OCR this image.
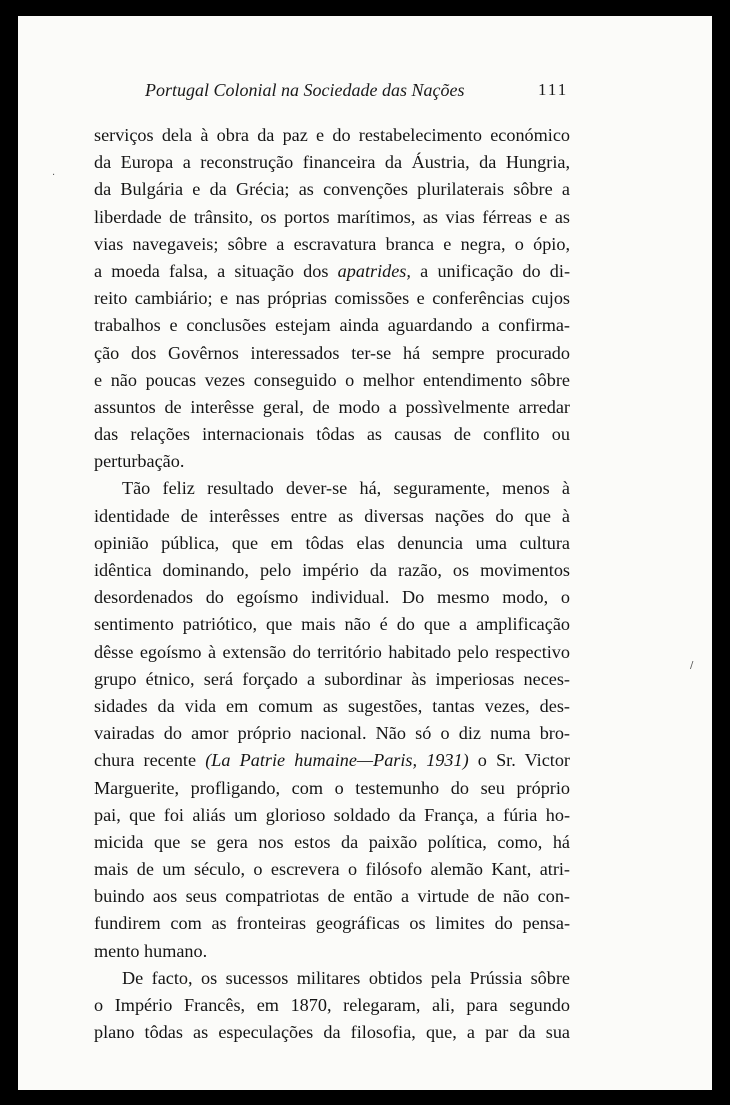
Portugal Colonial na Sociedade das Nações	111
serviços dela à obra da paz e do restabelecimento económico
da Europa a reconstrução financeira da Áustria, da Hungria,
da Bulgária e da Grécia; as convenções plurilaterais sôbre a
liberdade de trânsito, os portos marítimos, as vias férreas e as
vias navegaveis; sôbre a escravatura branca e negra, o ópio,
a moeda falsa, a situação dos apatrides, a unificação do di-
reito cambiário; e nas próprias comissões e conferências cujos
trabalhos e conclusões estejam ainda aguardando a confirma-
ção dos Govêrnos interessados ter-se há sempre procurado
e não poucas vezes conseguido o melhor entendimento sôbre
assuntos de interêsse geral, de modo a possìvelmente arredar
das relações internacionais tôdas as causas de conflito ou
perturbação.
Tão feliz resultado dever-se há, seguramente, menos à
identidade de interêsses entre as diversas nações do que à
opinião pública, que em tôdas elas denuncia uma cultura
idêntica dominando, pelo império da razão, os movimentos
desordenados do egoísmo individual. Do mesmo modo, o
sentimento patriótico, que mais não é do que a amplificação
dêsse egoísmo à extensão do território habitado pelo respectivo
grupo étnico, será forçado a subordinar às imperiosas neces-
sidades da vida em comum as sugestões, tantas vezes, des-
vairadas do amor próprio nacional. Não só o diz numa bro-
chura recente (La Patrie humaine—Paris, 1931) o Sr. Victor
Marguerite, profligando, com o testemunho do seu próprio
pai, que foi aliás um glorioso soldado da França, a fúria ho-
micida que se gera nos estos da paixão política, como, há
mais de um século, o escrevera o filósofo alemão Kant, atri-
buindo aos seus compatriotas de então a virtude de não con-
fundirem com as fronteiras geográficas os limites do pensa-
mento humano.
De facto, os sucessos militares obtidos pela Prússia sôbre
o Império Francês, em 1870, relegaram, ali, para segundo
plano tôdas as especulações da filosofia, que, a par da sua
·
/
